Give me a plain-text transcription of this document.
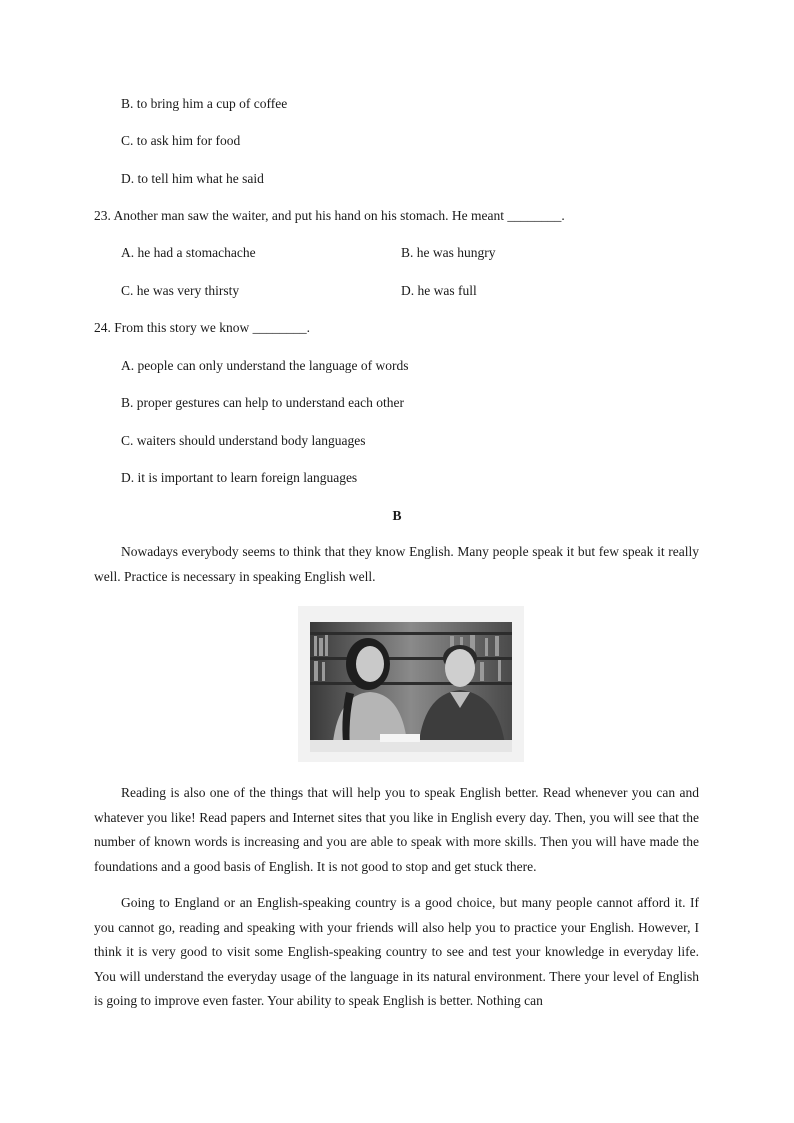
B. to bring him a cup of coffee
C. to ask him for food
D. to tell him what he said
23. Another man saw the waiter, and put his hand on his stomach. He meant ________.
A. he had a stomachache	B. he was hungry
C. he was very thirsty	D. he was full
24. From this story we know ________.
A. people can only understand the language of words
B. proper gestures can help to understand each other
C. waiters should understand body languages
D. it is important to learn foreign languages
B

Nowadays everybody seems to think that they know English. Many people speak it but few speak it really well. Practice is necessary in speaking English well.

Reading is also one of the things that will help you to speak English better. Read whenever you can and whatever you like! Read papers and Internet sites that you like in English every day. Then, you will see that the number of known words is increasing and you are able to speak with more skills. Then you will have made the foundations and a good basis of English. It is not good to stop and get stuck there.

Going to England or an English-speaking country is a good choice, but many people cannot afford it. If you cannot go, reading and speaking with your friends will also help you to practice your English. However, I think it is very good to visit some English-speaking country to see and test your knowledge in everyday life. You will understand the everyday usage of the language in its natural environment. There your level of English is going to improve even faster. Your ability to speak English is better. Nothing can
